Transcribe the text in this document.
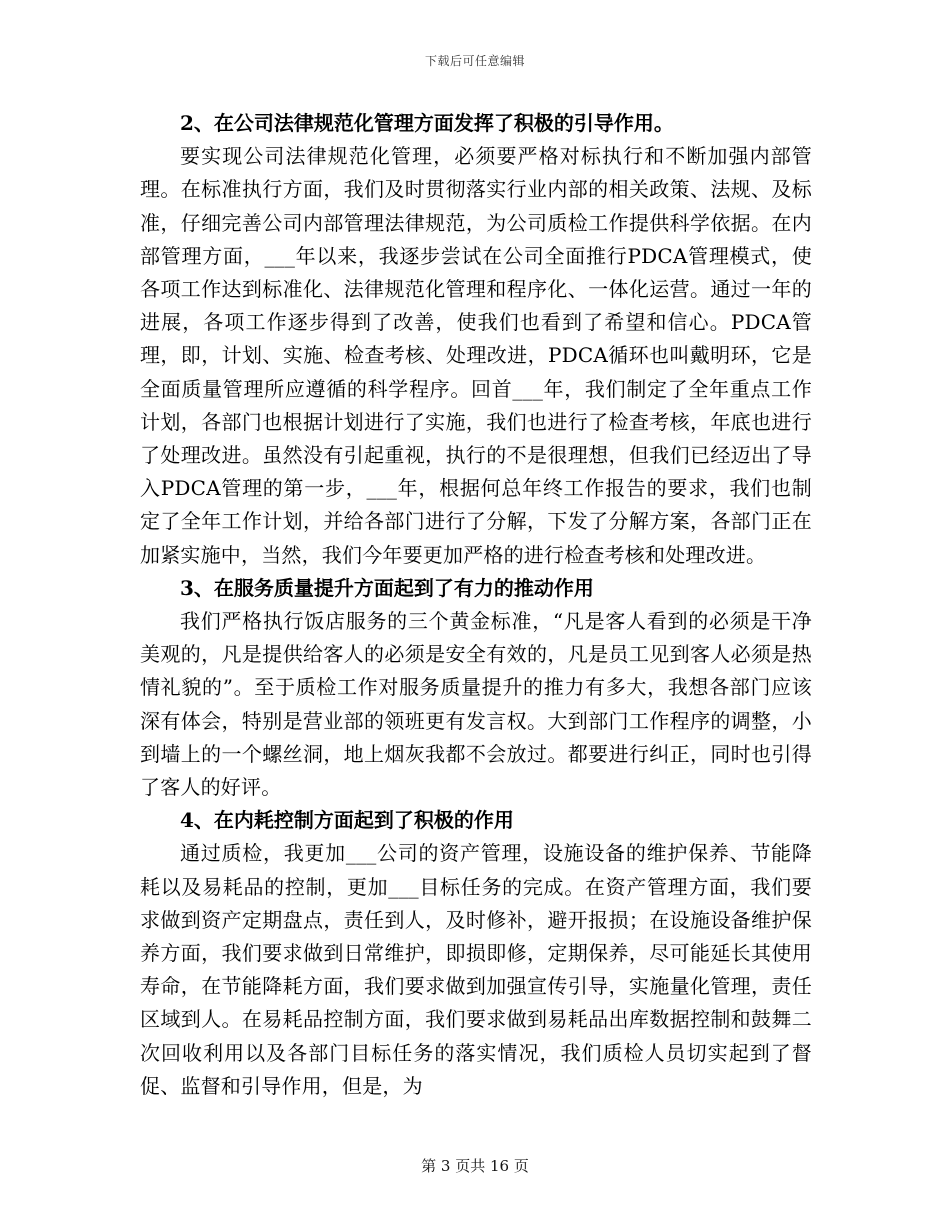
下载后可任意编辑

2、在公司法律规范化管理方面发挥了积极的引导作用。

要实现公司法律规范化管理，必须要严格对标执行和不断加强内部管理。在标准执行方面，我们及时贯彻落实行业内部的相关政策、法规、及标准，仔细完善公司内部管理法律规范，为公司质检工作提供科学依据。在内部管理方面，___年以来，我逐步尝试在公司全面推行PDCA管理模式，使各项工作达到标准化、法律规范化管理和程序化、一体化运营。通过一年的进展，各项工作逐步得到了改善，使我们也看到了希望和信心。PDCA管理，即，计划、实施、检查考核、处理改进，PDCA循环也叫戴明环，它是全面质量管理所应遵循的科学程序。回首___年，我们制定了全年重点工作计划，各部门也根据计划进行了实施，我们也进行了检查考核，年底也进行了处理改进。虽然没有引起重视，执行的不是很理想，但我们已经迈出了导入PDCA管理的第一步，___年，根据何总年终工作报告的要求，我们也制定了全年工作计划，并给各部门进行了分解，下发了分解方案，各部门正在加紧实施中，当然，我们今年要更加严格的进行检查考核和处理改进。

3、在服务质量提升方面起到了有力的推动作用

我们严格执行饭店服务的三个黄金标准，“凡是客人看到的必须是干净美观的，凡是提供给客人的必须是安全有效的，凡是员工见到客人必须是热情礼貌的”。至于质检工作对服务质量提升的推力有多大，我想各部门应该深有体会，特别是营业部的领班更有发言权。大到部门工作程序的调整，小到墙上的一个螺丝洞，地上烟灰我都不会放过。都要进行纠正，同时也引得了客人的好评。

4、在内耗控制方面起到了积极的作用

通过质检，我更加___公司的资产管理，设施设备的维护保养、节能降耗以及易耗品的控制，更加___目标任务的完成。在资产管理方面，我们要求做到资产定期盘点，责任到人，及时修补，避开报损；在设施设备维护保养方面，我们要求做到日常维护，即损即修，定期保养，尽可能延长其使用寿命，在节能降耗方面，我们要求做到加强宣传引导，实施量化管理，责任区域到人。在易耗品控制方面，我们要求做到易耗品出库数据控制和鼓舞二次回收利用以及各部门目标任务的落实情况，我们质检人员切实起到了督促、监督和引导作用，但是，为

第 3 页共 16 页
